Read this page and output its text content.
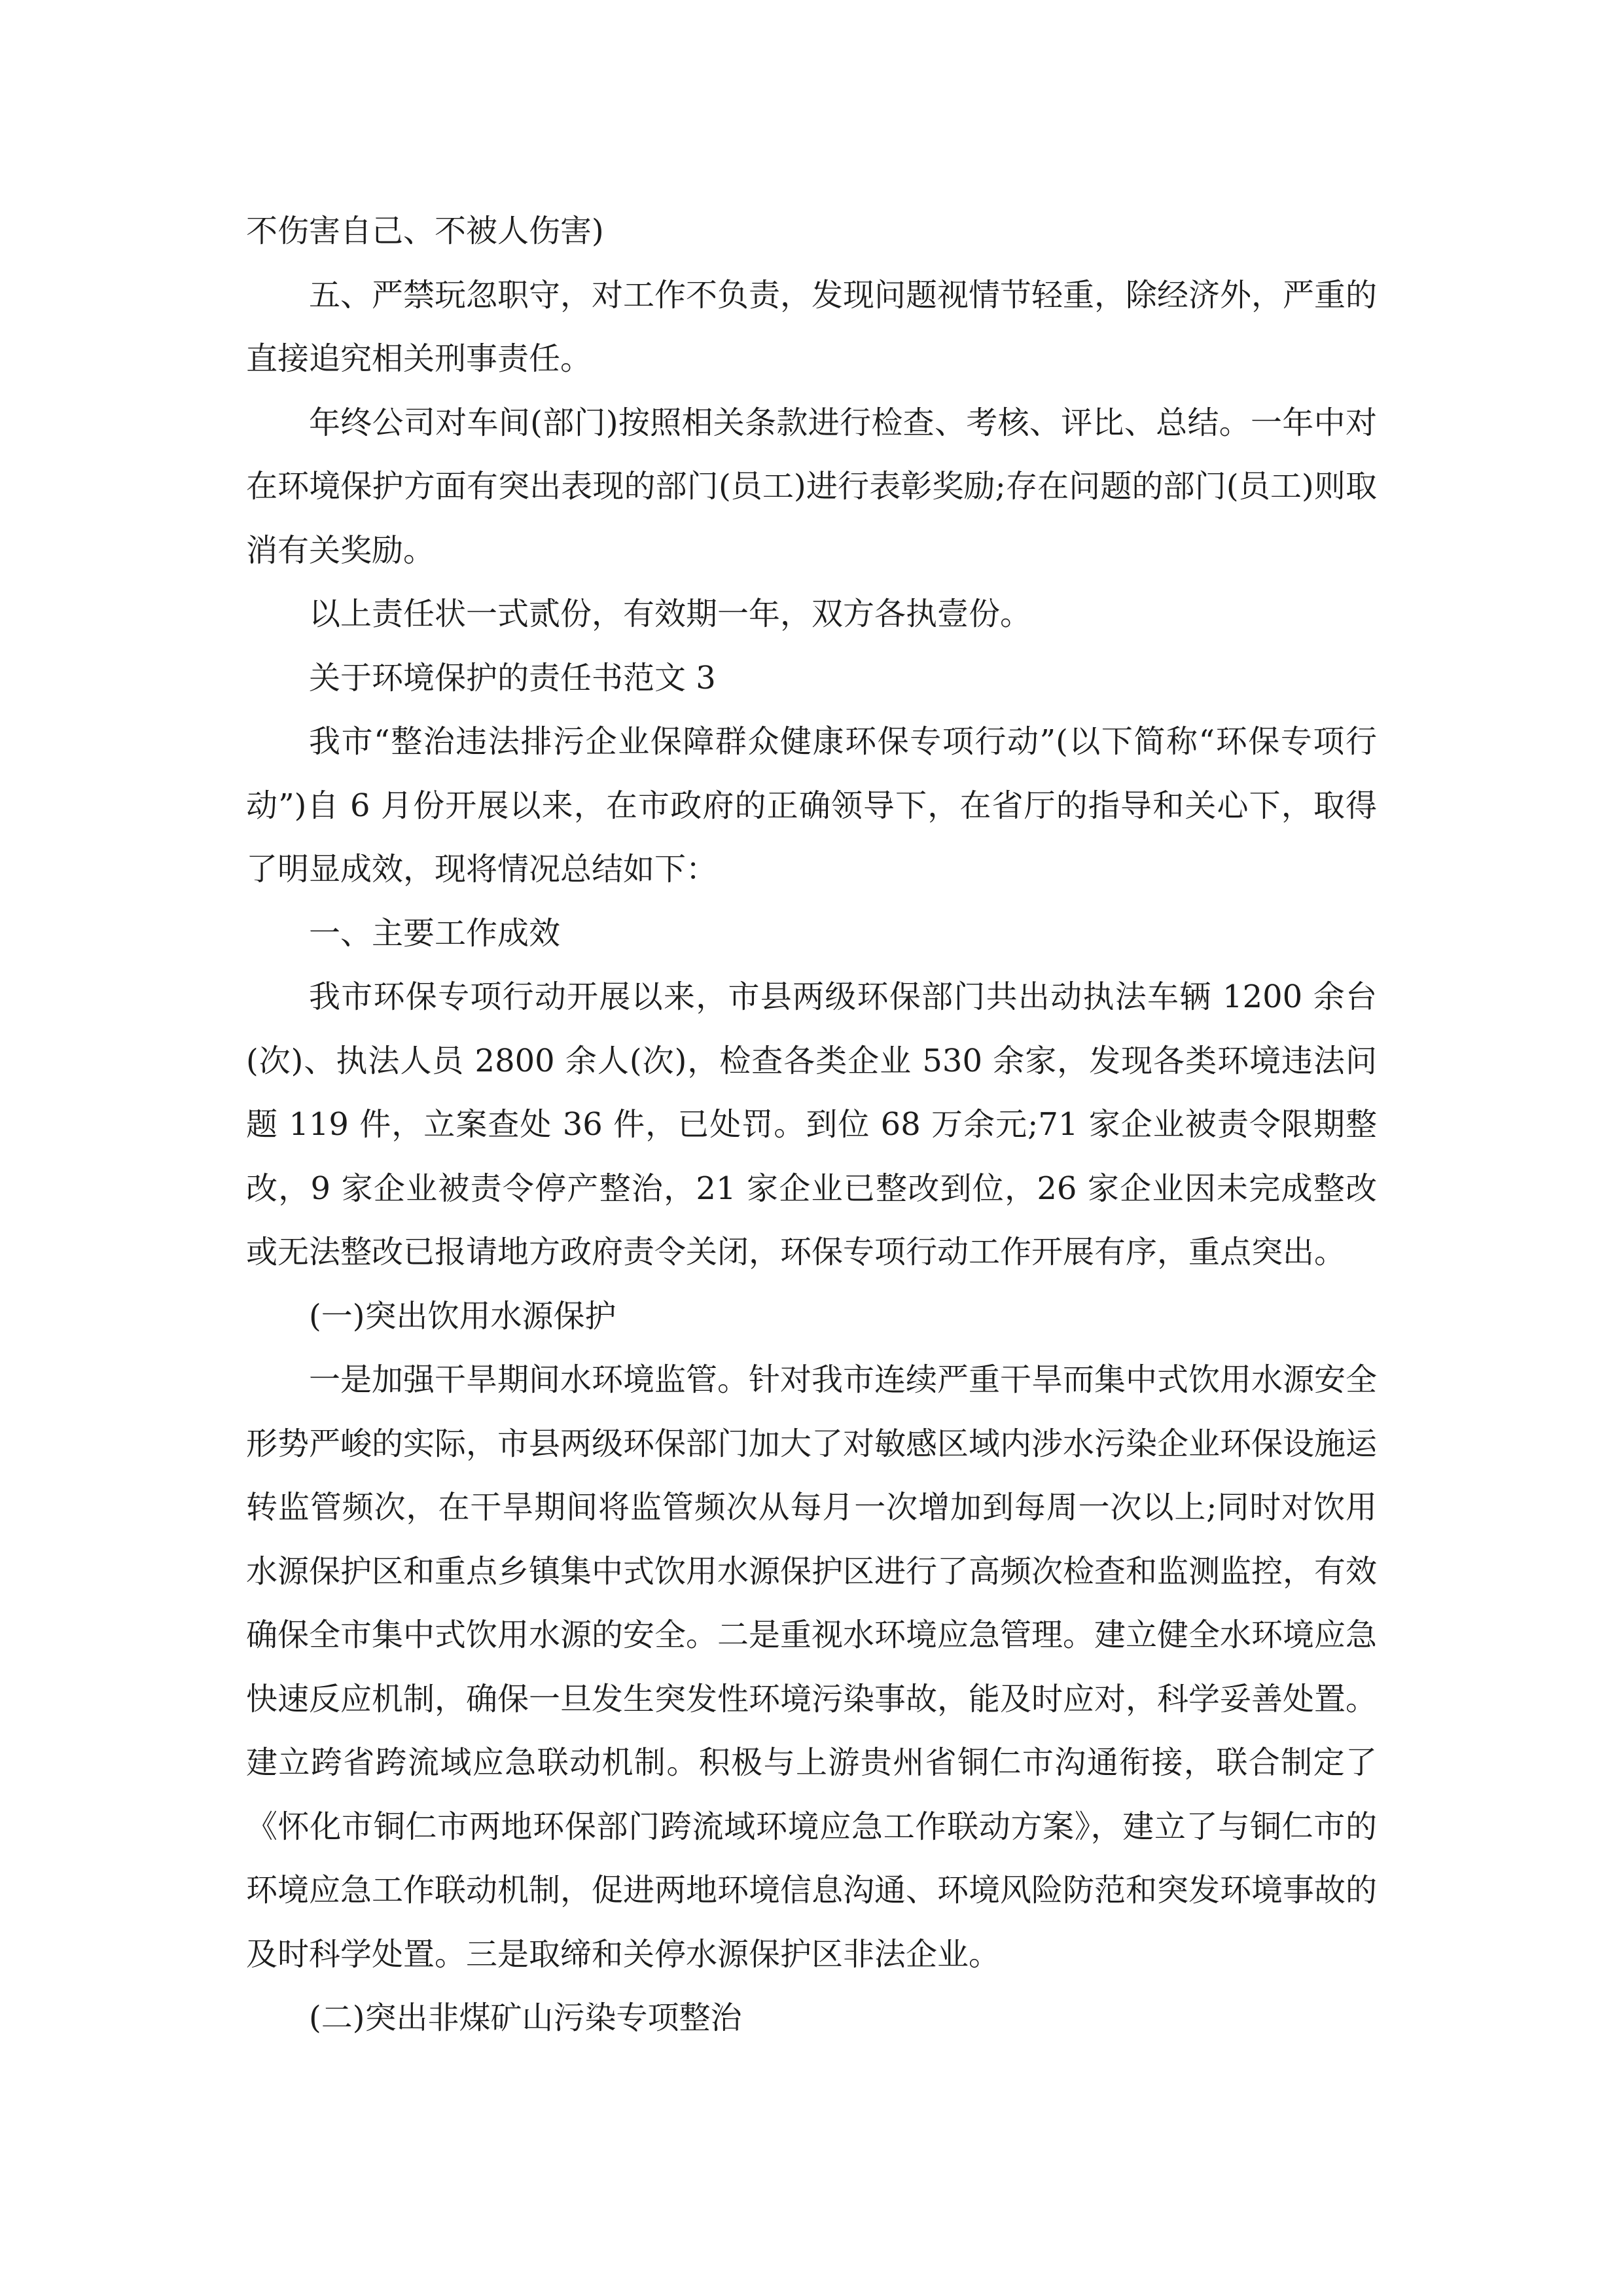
不伤害自己、不被人伤害)

五、严禁玩忽职守，对工作不负责，发现问题视情节轻重，除经济外，严重的直接追究相关刑事责任。

年终公司对车间(部门)按照相关条款进行检查、考核、评比、总结。一年中对在环境保护方面有突出表现的部门(员工)进行表彰奖励;存在问题的部门(员工)则取消有关奖励。

以上责任状一式贰份，有效期一年，双方各执壹份。

关于环境保护的责任书范文 3

我市“整治违法排污企业保障群众健康环保专项行动”(以下简称“环保专项行动”)自 6 月份开展以来，在市政府的正确领导下，在省厅的指导和关心下，取得了明显成效，现将情况总结如下：

一、主要工作成效

我市环保专项行动开展以来，市县两级环保部门共出动执法车辆 1200 余台(次)、执法人员 2800 余人(次)，检查各类企业 530 余家，发现各类环境违法问题 119 件，立案查处 36 件，已处罚。到位 68 万余元;71 家企业被责令限期整改，9 家企业被责令停产整治，21 家企业已整改到位，26 家企业因未完成整改或无法整改已报请地方政府责令关闭，环保专项行动工作开展有序，重点突出。

(一)突出饮用水源保护

一是加强干旱期间水环境监管。针对我市连续严重干旱而集中式饮用水源安全形势严峻的实际，市县两级环保部门加大了对敏感区域内涉水污染企业环保设施运转监管频次，在干旱期间将监管频次从每月一次增加到每周一次以上;同时对饮用水源保护区和重点乡镇集中式饮用水源保护区进行了高频次检查和监测监控，有效确保全市集中式饮用水源的安全。二是重视水环境应急管理。建立健全水环境应急快速反应机制，确保一旦发生突发性环境污染事故，能及时应对，科学妥善处置。建立跨省跨流域应急联动机制。积极与上游贵州省铜仁市沟通衔接，联合制定了《怀化市铜仁市两地环保部门跨流域环境应急工作联动方案》，建立了与铜仁市的环境应急工作联动机制，促进两地环境信息沟通、环境风险防范和突发环境事故的及时科学处置。三是取缔和关停水源保护区非法企业。

(二)突出非煤矿山污染专项整治
